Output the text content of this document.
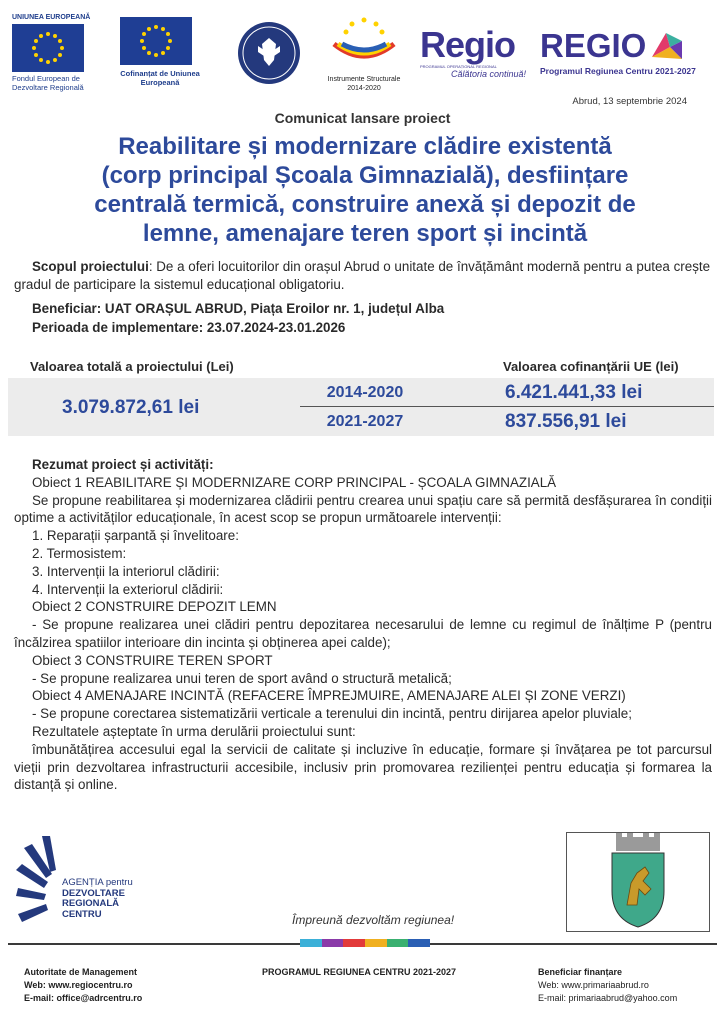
UNIUNEA EUROPEANĂ
Fondul European de Dezvoltare Regională
Cofinanțat de Uniunea Europeană	Instrumente Structurale 2014-2020
Regio
PROGRAMUL OPERAȚIONAL REGIONAL
Călătoria continuă!
REGIO
Programul Regiunea Centru 2021-2027
Abrud, 13 septembrie 2024
Comunicat lansare proiect
Reabilitare și modernizare clădire existentă
(corp principal Școala Gimnazială), desființare
centrală termică, construire anexă și depozit de
lemne, amenajare teren sport și incintă
Scopul proiectului: De a oferi locuitorilor din orașul Abrud o unitate de învățământ modernă pentru a putea crește gradul de participare la sistemul educațional obligatoriu.
Beneficiar: UAT ORAȘUL ABRUD, Piața Eroilor nr. 1, județul Alba
Perioada de implementare: 23.07.2024-23.01.2026
Valoarea totală a proiectului (Lei)	Valoarea cofinanțării UE (lei)
3.079.872,61 lei
2014-2020	6.421.441,33 lei
2021-2027	837.556,91 lei
Rezumat proiect și activități:
Obiect 1 REABILITARE ȘI MODERNIZARE CORP PRINCIPAL - ȘCOALA GIMNAZIALĂ
Se propune reabilitarea și modernizarea clădirii pentru crearea unui spațiu care să permită desfășurarea în condiții optime a activităților educaționale, în acest scop se propun următoarele intervenții:
1. Reparații șarpantă și învelitoare:
2. Termosistem:
3. Intervenții la interiorul clădirii:
4. Intervenții la exteriorul clădirii:
Obiect 2 CONSTRUIRE DEPOZIT LEMN
- Se propune realizarea unei clădiri pentru depozitarea necesarului de lemne cu regimul de înălțime P (pentru încălzirea spatiilor interioare din incinta și obținerea apei calde);
Obiect 3 CONSTRUIRE TEREN SPORT
- Se propune realizarea unui teren de sport având o structură metalică;
Obiect 4 AMENAJARE INCINTĂ (REFACERE ÎMPREJMUIRE, AMENAJARE ALEI ȘI ZONE VERZI)
- Se propune corectarea sistematizării verticale a terenului din incintă, pentru dirijarea apelor pluviale;
Rezultatele așteptate în urma derulării proiectului sunt:
îmbunătățirea accesului egal la servicii de calitate și incluzive în educație, formare și învățarea pe tot parcursul vieții prin dezvoltarea infrastructurii accesibile, inclusiv prin promovarea rezilienței pentru educația și formarea la distanță și online.
AGENȚIA pentru
DEZVOLTARE
REGIONALĂ
CENTRU	Împreună dezvoltăm regiunea!
Autoritate de Management
Web: www.regiocentru.ro
E-mail: office@adrcentru.ro
PROGRAMUL REGIUNEA CENTRU 2021-2027	Beneficiar finanțare
Web: www.primariaabrud.ro
E-mail: primariaabrud@yahoo.com
